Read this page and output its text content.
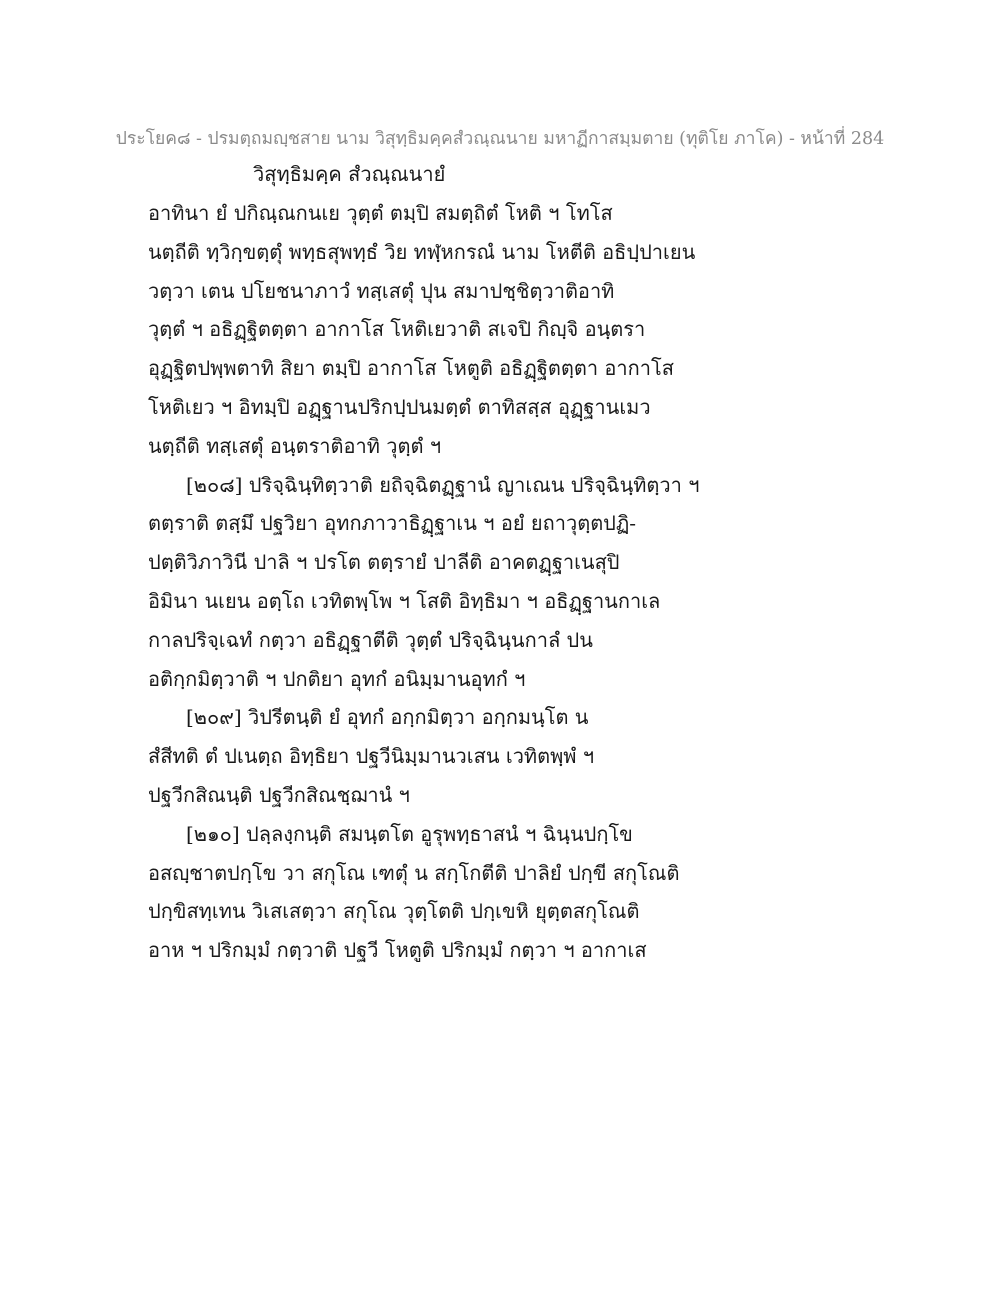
ประโยค๘ - ปรมตฺถมญฺชสาย นาม วิสุทฺธิมคฺคสํวณฺณนาย มหาฏีกาสมฺมตาย (ทุติโย ภาโค) - หน้าที่ 284
วิสุทฺธิมคฺค สํวณฺณนายํ
อาทินา ยํ ปกิณฺณกนเย วุตฺตํ ตมฺปิ สมตฺถิตํ โหติ ฯ โทโส
นตฺถีติ ทฺวิกฺขตฺตุํ พทฺธสุพทฺธํ วิย ทฬฺหกรณํ นาม โหตีติ อธิปฺปาเยน
วตฺวา เตน ปโยชนาภาวํ ทสฺเสตุํ ปุน สมาปชฺชิตฺวาติอาทิ
วุตฺตํ ฯ อธิฏฺฐิตตฺตา อากาโส โหติเยวาติ สเจปิ กิญฺจิ อนฺตรา
อุฏฺฐิตปพฺพตาทิ สิยา ตมฺปิ อากาโส โหตูติ อธิฏฺฐิตตฺตา อากาโส
โหติเยว ฯ อิทมฺปิ อฏฺฐานปริกปฺปนมตฺตํ ตาทิสสฺส อุฏฺฐานเมว
นตฺถีติ ทสฺเสตุํ อนฺตราติอาทิ วุตฺตํ ฯ
[๒๐๘] ปริจฺฉินฺทิตฺวาติ ยถิจฺฉิตฏฺฐานํ ญาเณน ปริจฺฉินฺทิตฺวา ฯ
ตตฺราติ ตสฺมึ ปฐวิยา อุทกภาวาธิฏฺฐาเน ฯ อยํ ยถาวุตฺตปฏิ-
ปตฺติวิภาวินี ปาลิ ฯ ปรโต ตตฺรายํ ปาลีติ อาคตฏฺฐาเนสุปิ
อิมินา นเยน อตฺโถ เวทิตพฺโพ ฯ โสติ อิทฺธิมา ฯ อธิฏฺฐานกาเล
กาลปริจฺเฉทํ กตฺวา อธิฏฺฐาตีติ วุตฺตํ ปริจฺฉินฺนกาลํ ปน
อติกฺกมิตฺวาติ ฯ ปกติยา อุทกํ อนิมฺมานอุทกํ ฯ
[๒๐๙] วิปรีตนฺติ ยํ อุทกํ อกฺกมิตฺวา อกฺกมนฺโต น
สํสีทติ ตํ ปเนตฺถ อิทฺธิยา ปฐวีนิมฺมานวเสน เวทิตพฺพํ ฯ
ปฐวีกสิณนฺติ ปฐวีกสิณชฺฌานํ ฯ
[๒๑๐] ปลฺลงฺกนฺติ สมนฺตโต อูรุพทฺธาสนํ ฯ ฉินฺนปกฺโข
อสญฺชาตปกฺโข วา สกุโณ เฑตุํ น สกฺโกตีติ ปาลิยํ ปกฺขี สกุโณติ
ปกฺขิสทฺเทน วิเสเสตฺวา สกุโณ วุตฺโตติ ปกฺเขหิ ยุตฺตสกุโณติ
อาห ฯ ปริกมฺมํ กตฺวาติ ปฐวี โหตูติ ปริกมฺมํ กตฺวา ฯ อากาเส
